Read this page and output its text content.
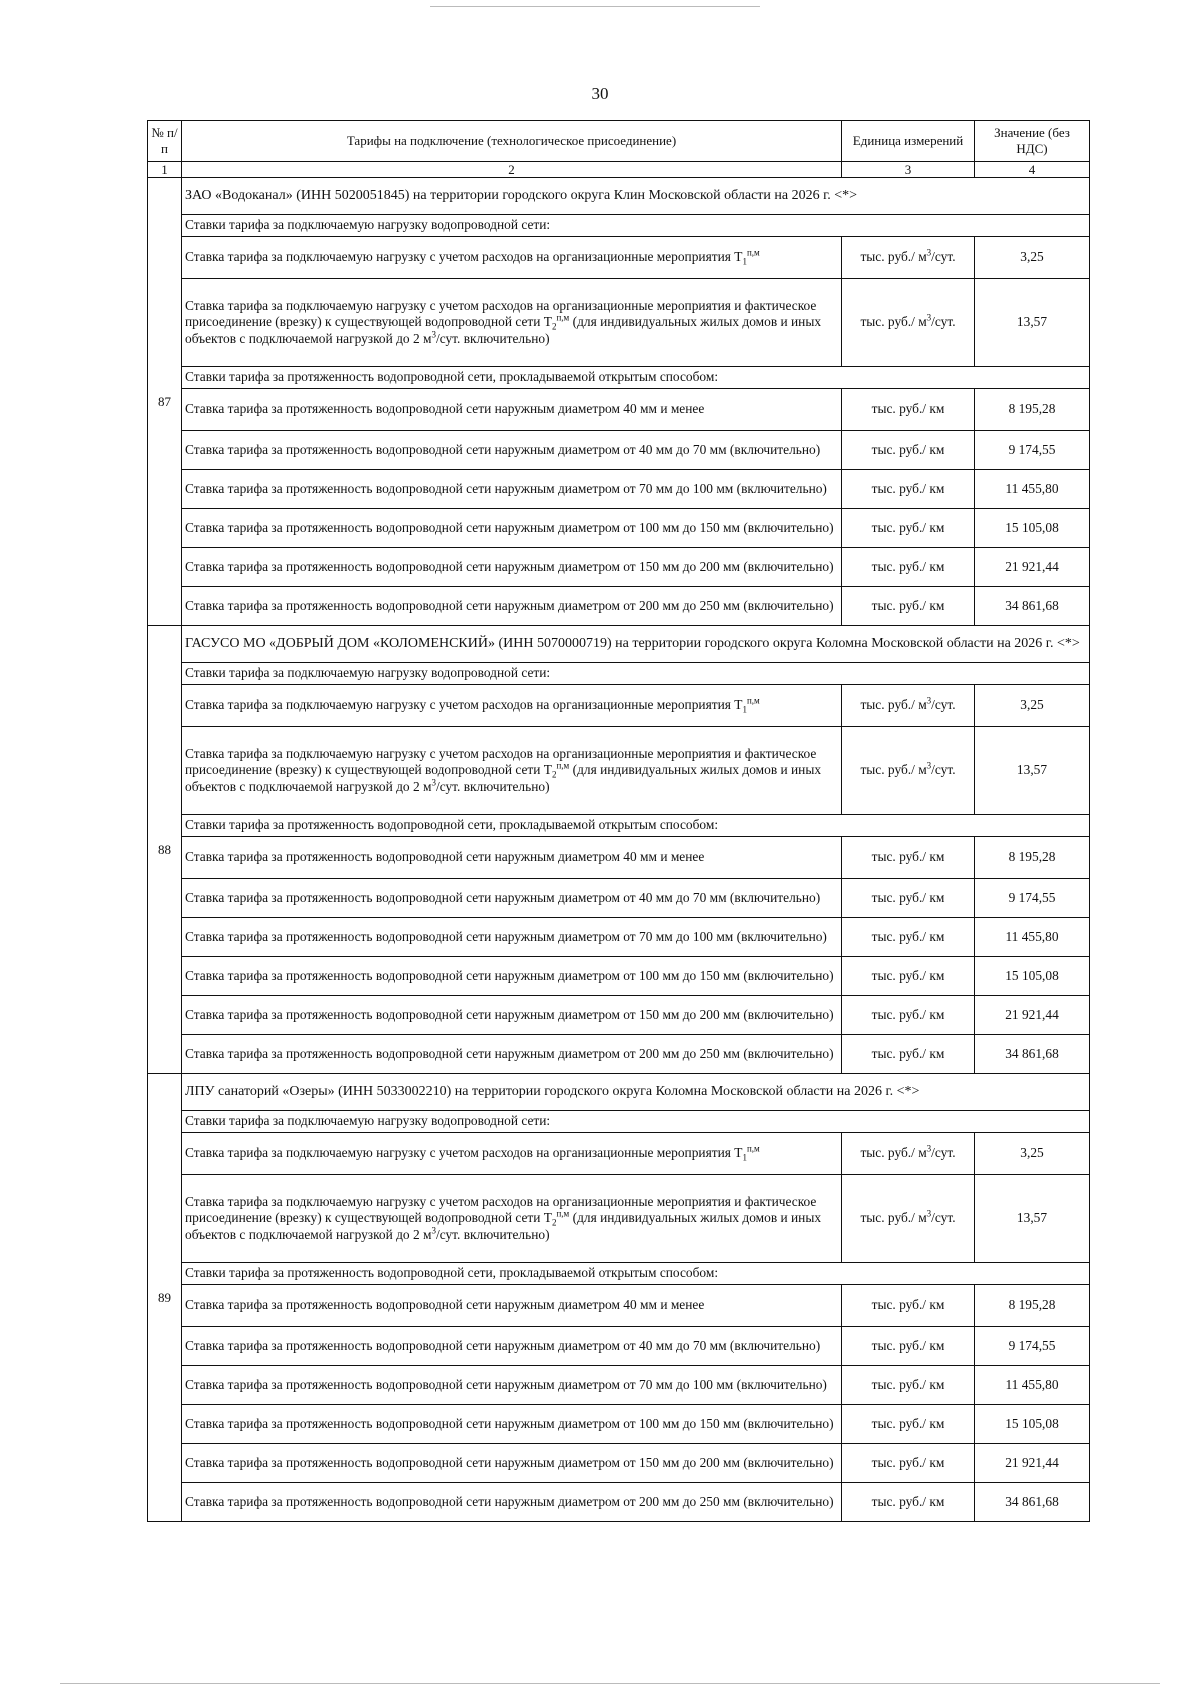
30
№ п/п	Тарифы на подключение (технологическое присоединение)	Единица измерений	Значение (без НДС)
1	2	3	4
87	ЗАО «Водоканал» (ИНН 5020051845) на территории городского округа Клин Московской области на 2026 г. <*>		
	Ставки тарифа за подключаемую нагрузку водопроводной сети:		
	Ставка тарифа за подключаемую нагрузку с учетом расходов на организационные мероприятия $T_1^{п,м}$	тыс. руб./ $м^3$/сут.	3,25
	Ставка тарифа за подключаемую нагрузку с учетом расходов на организационные мероприятия и фактическое присоединение (врезку) к существующей водопроводной сети $T_2^{п,м}$ (для индивидуальных жилых домов и иных объектов с подключаемой нагрузкой до 2 $м^3$/сут. включительно)	тыс. руб./ $м^3$/сут.	13,57
	Ставки тарифа за протяженность водопроводной сети, прокладываемой открытым способом:		
	Ставка тарифа за протяженность водопроводной сети наружным диаметром 40 мм и менее	тыс. руб./ км	8 195,28
	Ставка тарифа за протяженность водопроводной сети наружным диаметром от 40 мм до 70 мм (включительно)	тыс. руб./ км	9 174,55
	Ставка тарифа за протяженность водопроводной сети наружным диаметром от 70 мм до 100 мм (включительно)	тыс. руб./ км	11 455,80
	Ставка тарифа за протяженность водопроводной сети наружным диаметром от 100 мм до 150 мм (включительно)	тыс. руб./ км	15 105,08
	Ставка тарифа за протяженность водопроводной сети наружным диаметром от 150 мм до 200 мм (включительно)	тыс. руб./ км	21 921,44
	Ставка тарифа за протяженность водопроводной сети наружным диаметром от 200 мм до 250 мм (включительно)	тыс. руб./ км	34 861,68
88	ГАСУСО МО «ДОБРЫЙ ДОМ «КОЛОМЕНСКИЙ» (ИНН 5070000719) на территории городского округа Коломна Московской области на 2026 г. <*>		
	Ставки тарифа за подключаемую нагрузку водопроводной сети:		
	Ставка тарифа за подключаемую нагрузку с учетом расходов на организационные мероприятия $T_1^{п,м}$	тыс. руб./ $м^3$/сут.	3,25
	Ставка тарифа за подключаемую нагрузку с учетом расходов на организационные мероприятия и фактическое присоединение (врезку) к существующей водопроводной сети $T_2^{п,м}$ (для индивидуальных жилых домов и иных объектов с подключаемой нагрузкой до 2 $м^3$/сут. включительно)	тыс. руб./ $м^3$/сут.	13,57
	Ставки тарифа за протяженность водопроводной сети, прокладываемой открытым способом:		
	Ставка тарифа за протяженность водопроводной сети наружным диаметром 40 мм и менее	тыс. руб./ км	8 195,28
	Ставка тарифа за протяженность водопроводной сети наружным диаметром от 40 мм до 70 мм (включительно)	тыс. руб./ км	9 174,55
	Ставка тарифа за протяженность водопроводной сети наружным диаметром от 70 мм до 100 мм (включительно)	тыс. руб./ км	11 455,80
	Ставка тарифа за протяженность водопроводной сети наружным диаметром от 100 мм до 150 мм (включительно)	тыс. руб./ км	15 105,08
	Ставка тарифа за протяженность водопроводной сети наружным диаметром от 150 мм до 200 мм (включительно)	тыс. руб./ км	21 921,44
	Ставка тарифа за протяженность водопроводной сети наружным диаметром от 200 мм до 250 мм (включительно)	тыс. руб./ км	34 861,68
89	ЛПУ санаторий «Озеры» (ИНН 5033002210) на территории городского округа Коломна Московской области на 2026 г. <*>		
	Ставки тарифа за подключаемую нагрузку водопроводной сети:		
	Ставка тарифа за подключаемую нагрузку с учетом расходов на организационные мероприятия $T_1^{п,м}$	тыс. руб./ $м^3$/сут.	3,25
	Ставка тарифа за подключаемую нагрузку с учетом расходов на организационные мероприятия и фактическое присоединение (врезку) к существующей водопроводной сети $T_2^{п,м}$ (для индивидуальных жилых домов и иных объектов с подключаемой нагрузкой до 2 $м^3$/сут. включительно)	тыс. руб./ $м^3$/сут.	13,57
	Ставки тарифа за протяженность водопроводной сети, прокладываемой открытым способом:		
	Ставка тарифа за протяженность водопроводной сети наружным диаметром 40 мм и менее	тыс. руб./ км	8 195,28
	Ставка тарифа за протяженность водопроводной сети наружным диаметром от 40 мм до 70 мм (включительно)	тыс. руб./ км	9 174,55
	Ставка тарифа за протяженность водопроводной сети наружным диаметром от 70 мм до 100 мм (включительно)	тыс. руб./ км	11 455,80
	Ставка тарифа за протяженность водопроводной сети наружным диаметром от 100 мм до 150 мм (включительно)	тыс. руб./ км	15 105,08
	Ставка тарифа за протяженность водопроводной сети наружным диаметром от 150 мм до 200 мм (включительно)	тыс. руб./ км	21 921,44
	Ставка тарифа за протяженность водопроводной сети наружным диаметром от 200 мм до 250 мм (включительно)	тыс. руб./ км	34 861,68
